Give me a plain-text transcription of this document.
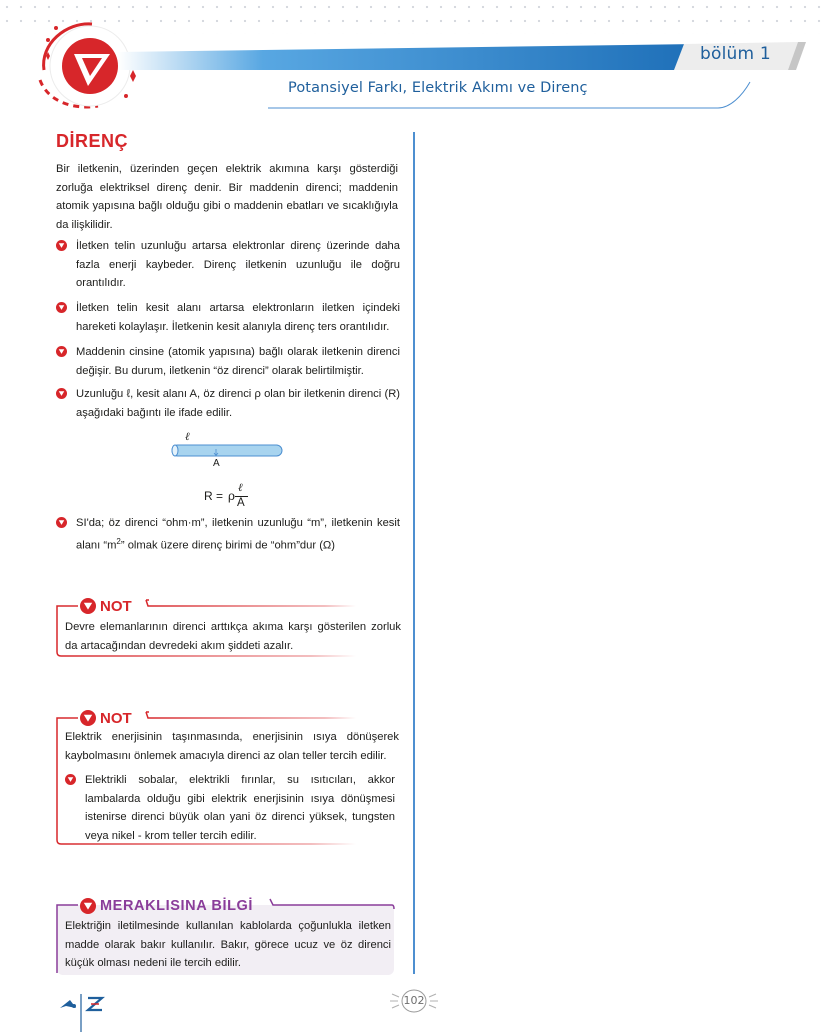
bölüm 1
Potansiyel Farkı, Elektrik Akımı ve Direnç
DİRENÇ
Bir iletkenin, üzerinden geçen elektrik akımına karşı gösterdiği zorluğa elektriksel direnç denir. Bir maddenin direnci; maddenin atomik yapısına bağlı olduğu gibi o maddenin ebatları ve sıcaklığıyla da ilişkilidir.
İletken telin uzunluğu artarsa elektronlar direnç üzerinde daha fazla enerji kaybeder. Direnç iletkenin uzunluğu ile doğru orantılıdır.
İletken telin kesit alanı artarsa elektronların iletken içindeki hareketi kolaylaşır. İletkenin kesit alanıyla direnç ters orantılıdır.
Maddenin cinsine (atomik yapısına) bağlı olarak iletkenin direnci değişir. Bu durum, iletkenin “öz direnci” olarak belirtilmiştir.
Uzunluğu ℓ, kesit alanı A, öz direnci ρ olan bir iletkenin direnci (R) aşağıdaki bağıntı ile ifade edilir.
ℓ
A
R = ρ
ℓ
A
SI'da; öz direnci “ohm·m”, iletkenin uzunluğu “m”, iletkenin kesit alanı “$m^2$” olmak üzere direnç birimi de “ohm”dur (Ω)
NOT
Devre elemanlarının direnci arttıkça akıma karşı gösterilen zorluk da artacağından devredeki akım şiddeti azalır.
NOT
Elektrik enerjisinin taşınmasında, enerjisinin ısıya dönüşerek kaybolmasını önlemek amacıyla direnci az olan teller tercih edilir.
Elektrikli sobalar, elektrikli fırınlar, su ısıtıcıları, akkor lambalarda olduğu gibi elektrik enerjisinin ısıya dönüşmesi istenirse direnci büyük olan yani öz direnci yüksek, tungsten veya nikel - krom teller tercih edilir.
MERAKLISINA BİLGİ
Elektriğin iletilmesinde kullanılan kablolarda çoğunlukla iletken madde olarak bakır kullanılır. Bakır, görece ucuz ve öz direnci küçük olması nedeni ile tercih edilir.
102
